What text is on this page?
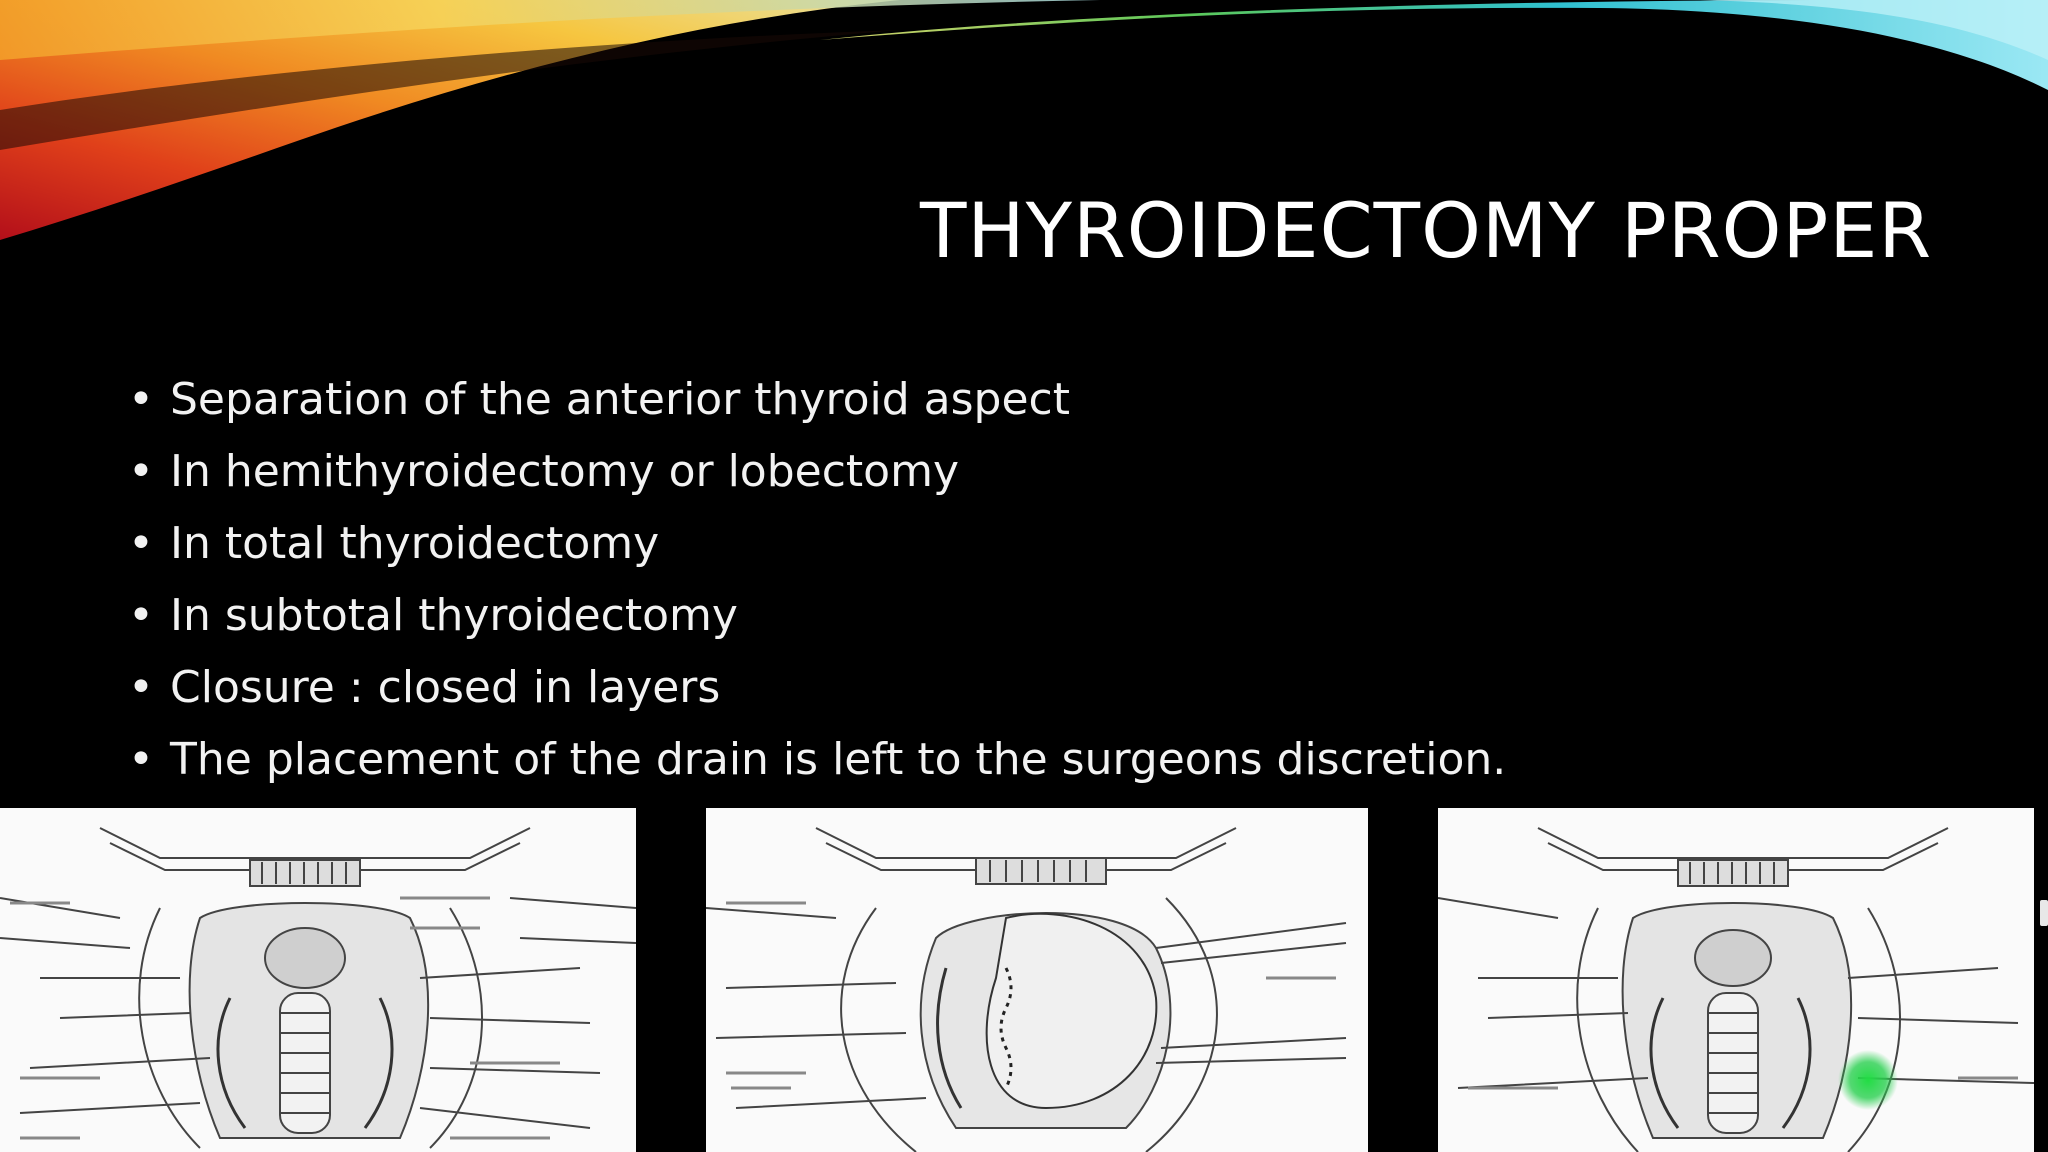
THYROIDECTOMY PROPER
• Separation of the anterior thyroid aspect
• In hemithyroidectomy or lobectomy
• In total thyroidectomy
• In subtotal thyroidectomy
• Closure : closed in layers
• The placement of the drain is left to the surgeons discretion.
